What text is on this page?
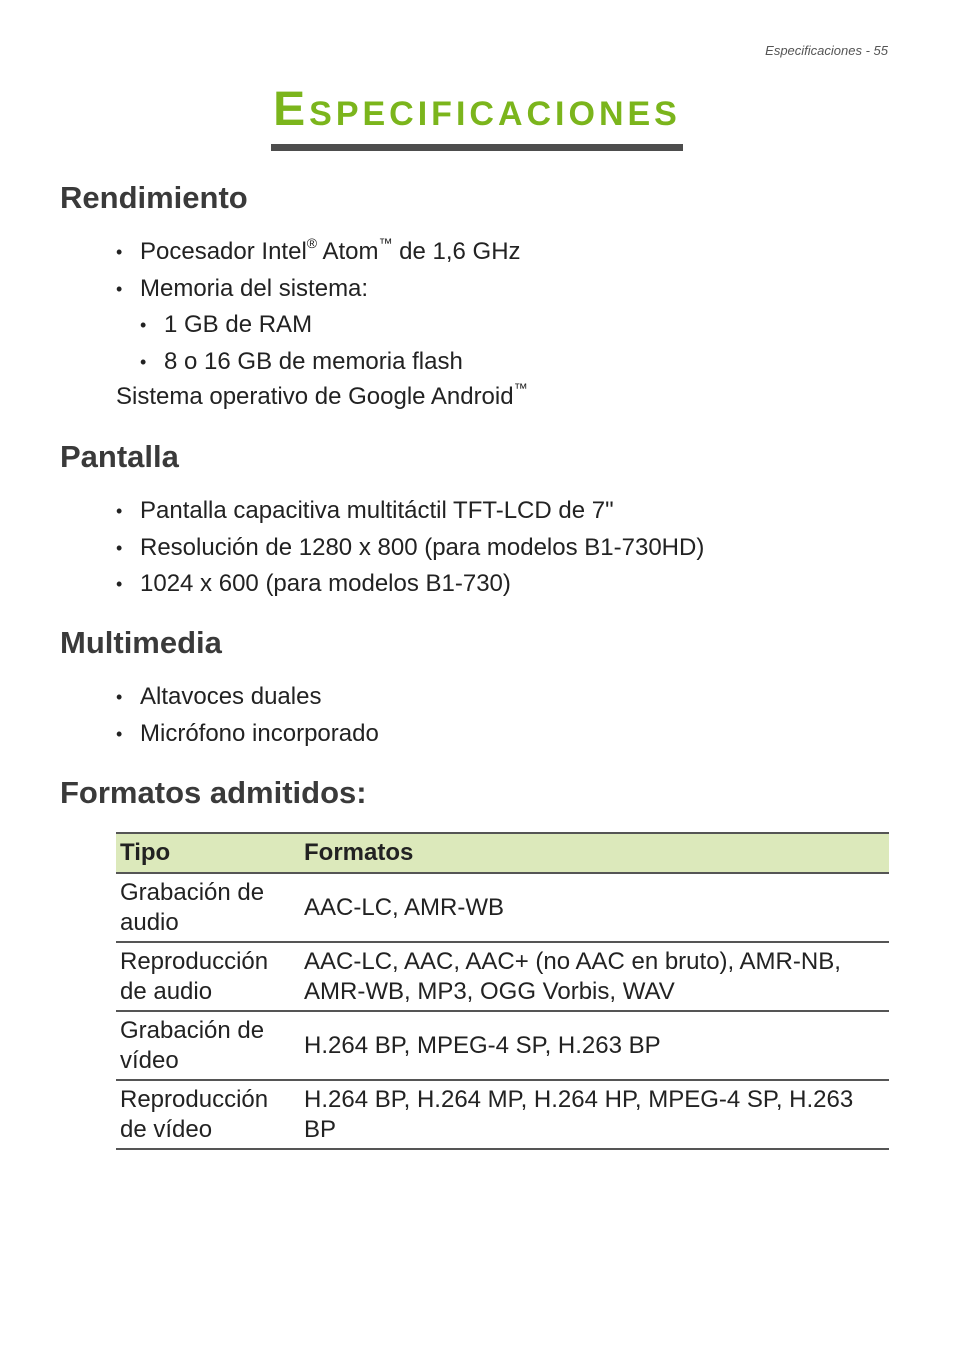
Especificaciones - 55
Especificaciones
Rendimiento
• Pocesador Intel® Atom™ de 1,6 GHz
• Memoria del sistema:
• 1 GB de RAM
• 8 o 16 GB de memoria flash
Sistema operativo de Google Android™
Pantalla
• Pantalla capacitiva multitáctil TFT-LCD de 7"
• Resolución de 1280 x 800 (para modelos B1-730HD)
• 1024 x 600 (para modelos B1-730)
Multimedia
• Altavoces duales
• Micrófono incorporado
Formatos admitidos:
Tipo	Formatos
Grabación de audio	AAC-LC, AMR-WB
Reproducción de audio	AAC-LC, AAC, AAC+ (no AAC en bruto), AMR-NB, AMR-WB, MP3, OGG Vorbis, WAV
Grabación de vídeo	H.264 BP, MPEG-4 SP, H.263 BP
Reproducción de vídeo	H.264 BP, H.264 MP, H.264 HP, MPEG-4 SP, H.263 BP
